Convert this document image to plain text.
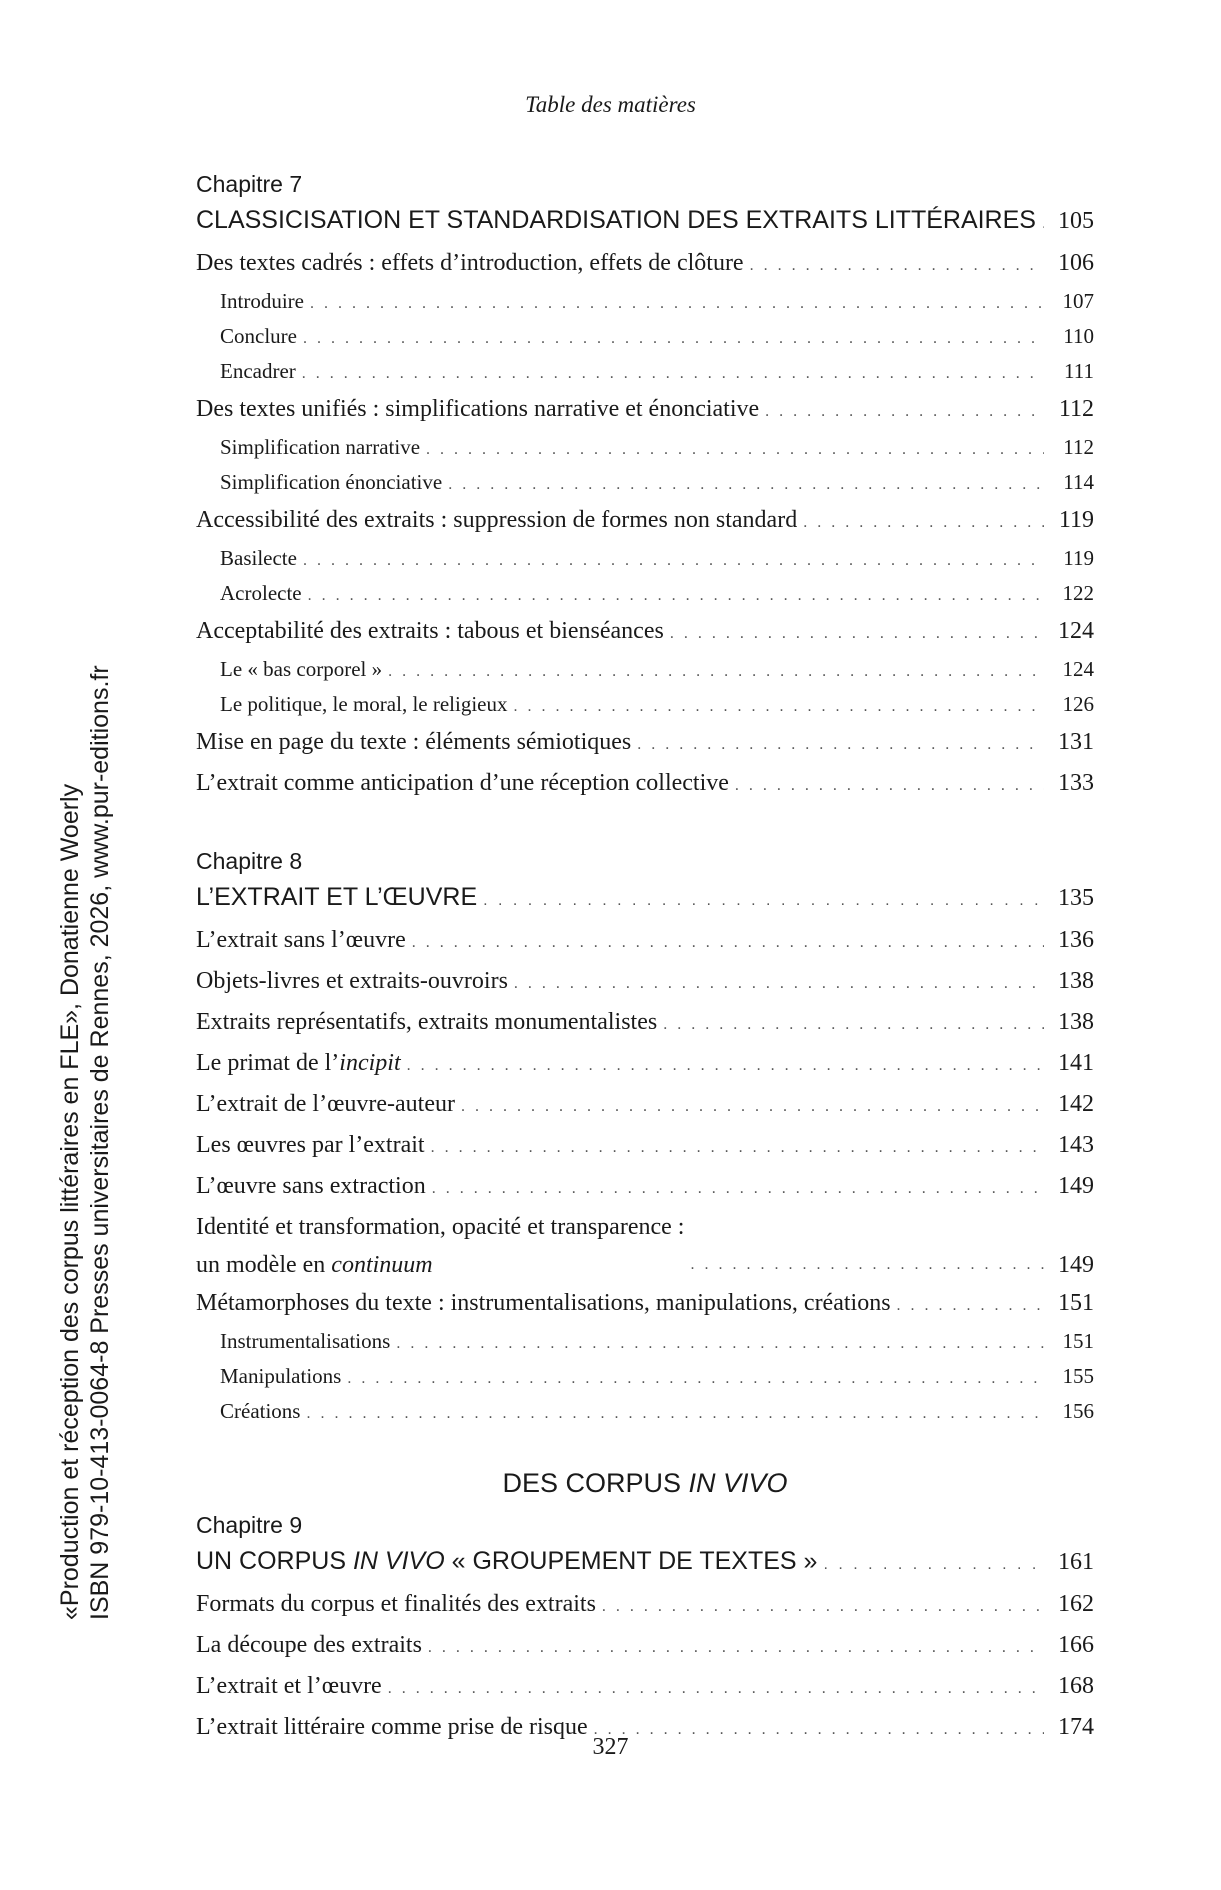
Table des matières
Chapitre 7
CLASSICISATION ET STANDARDISATION DES EXTRAITS LITTÉRAIRES . . . 105
Des textes cadrés : effets d’introduction, effets de clôture . . .	106
Introduire . . .	107
Conclure . . .	110
Encadrer . . .	111
Des textes unifiés : simplifications narrative et énonciative . . .	112
Simplification narrative . . .	112
Simplification énonciative . . .	114
Accessibilité des extraits : suppression de formes non standard . . .	119
Basilecte . . .	119
Acrolecte . . .	122
Acceptabilité des extraits : tabous et bienséances . . .	124
Le « bas corporel » . . .	124
Le politique, le moral, le religieux . . .	126
Mise en page du texte : éléments sémiotiques . . .	131
L’extrait comme anticipation d’une réception collective . . .	133
Chapitre 8
L’EXTRAIT ET L’ŒUVRE . . .	135
L’extrait sans l’œuvre . . .	136
Objets-livres et extraits-ouvroirs . . .	138
Extraits représentatifs, extraits monumentalistes . . .	138
Le primat de l’incipit . . .	141
L’extrait de l’œuvre-auteur . . .	142
Les œuvres par l’extrait . . .	143
L’œuvre sans extraction . . .	149
Identité et transformation, opacité et transparence :
un modèle en continuum . . .	149
Métamorphoses du texte : instrumentalisations, manipulations, créations . . .	151
Instrumentalisations . . .	151
Manipulations . . .	155
Créations . . .	156
DES CORPUS IN VIVO
Chapitre 9
UN CORPUS IN VIVO « GROUPEMENT DE TEXTES » . . .	161
Formats du corpus et finalités des extraits . . .	162
La découpe des extraits . . .	166
L’extrait et l’œuvre . . .	168
L’extrait littéraire comme prise de risque . . .	174
327
«Production et réception des corpus littéraires en FLE», Donatienne Woerly ISBN 979-10-413-0064-8 Presses universitaires de Rennes, 2026, www.pur-editions.fr
